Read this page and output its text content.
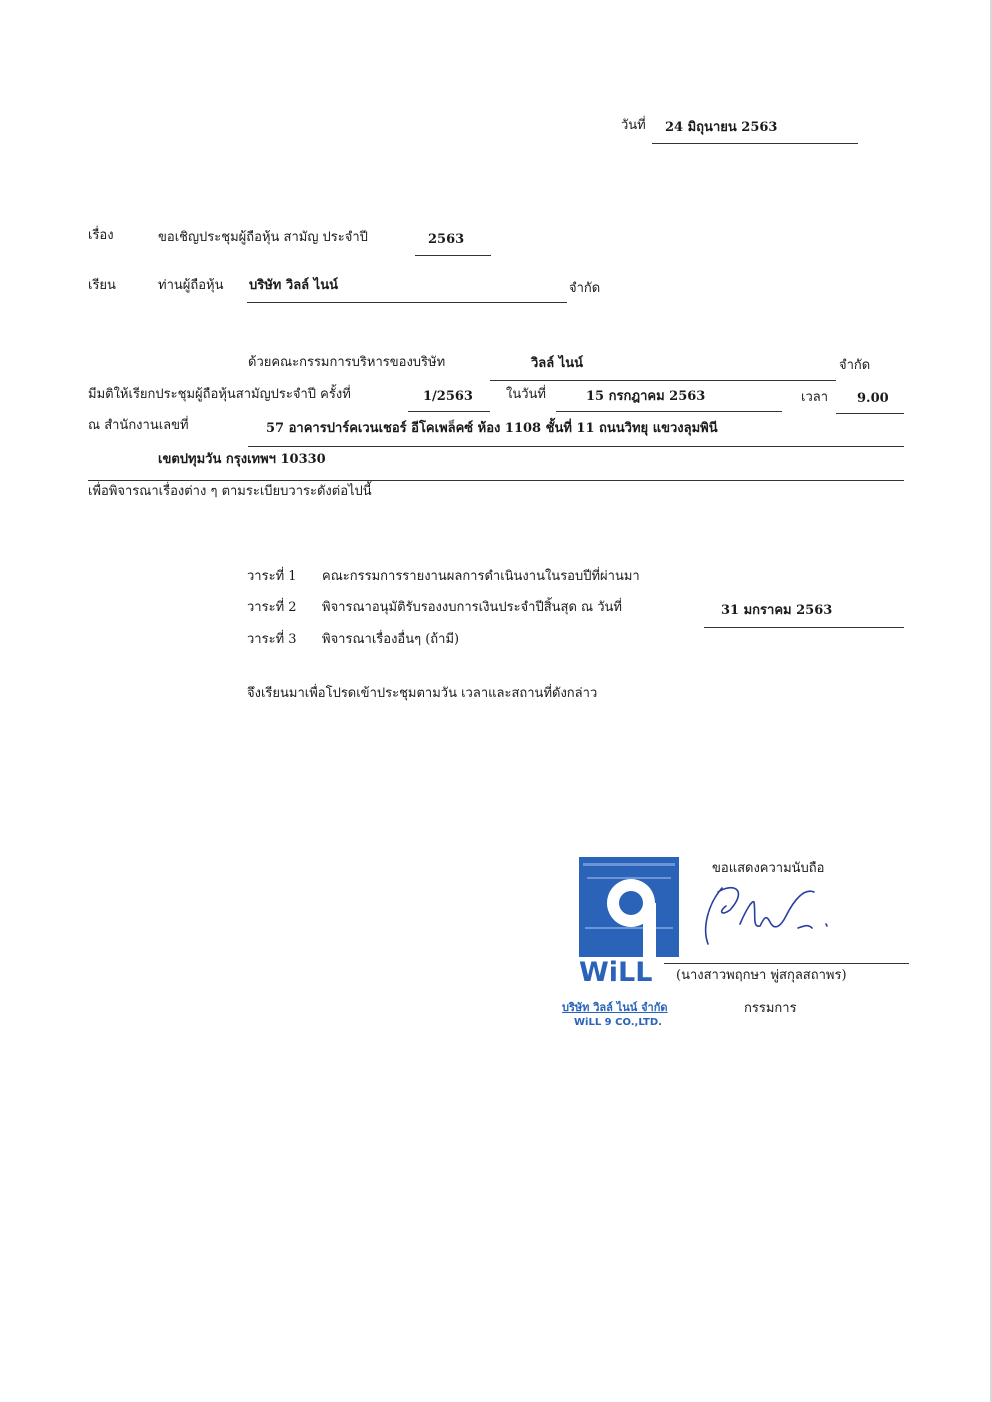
วันที่ 24 มิถุนายน 2563
เรื่อง	ขอเชิญประชุมผู้ถือหุ้น สามัญ ประจำปี	2563
เรียน	ท่านผู้ถือหุ้น บริษัท วิลล์ ไนน์	จำกัด
ด้วยคณะกรรมการบริหารของบริษัท	วิลล์ ไนน์	จำกัด
มีมติให้เรียกประชุมผู้ถือหุ้นสามัญประจำปี ครั้งที่	1/2563	ในวันที่	15 กรกฎาคม 2563	เวลา 9.00
ณ สำนักงานเลขที่	57 อาคารปาร์คเวนเชอร์ อีโคเพล็คซ์ ห้อง 1108 ชั้นที่ 11 ถนนวิทยุ แขวงลุมพินี
เขตปทุมวัน กรุงเทพฯ 10330
เพื่อพิจารณาเรื่องต่าง ๆ ตามระเบียบวาระดังต่อไปนี้
วาระที่ 1 คณะกรรมการรายงานผลการดำเนินงานในรอบปีที่ผ่านมา
วาระที่ 2 พิจารณาอนุมัติรับรองงบการเงินประจำปีสิ้นสุด ณ วันที่	31 มกราคม 2563
วาระที่ 3 พิจารณาเรื่องอื่นๆ (ถ้ามี)
จึงเรียนมาเพื่อโปรดเข้าประชุมตามวัน เวลาและสถานที่ดังกล่าว
WiLL
บริษัท วิลล์ ไนน์ จำกัด
WiLL 9 CO.,LTD.
ขอแสดงความนับถือ
(นางสาวพฤกษา พู่สกุลสถาพร)
กรรมการ
